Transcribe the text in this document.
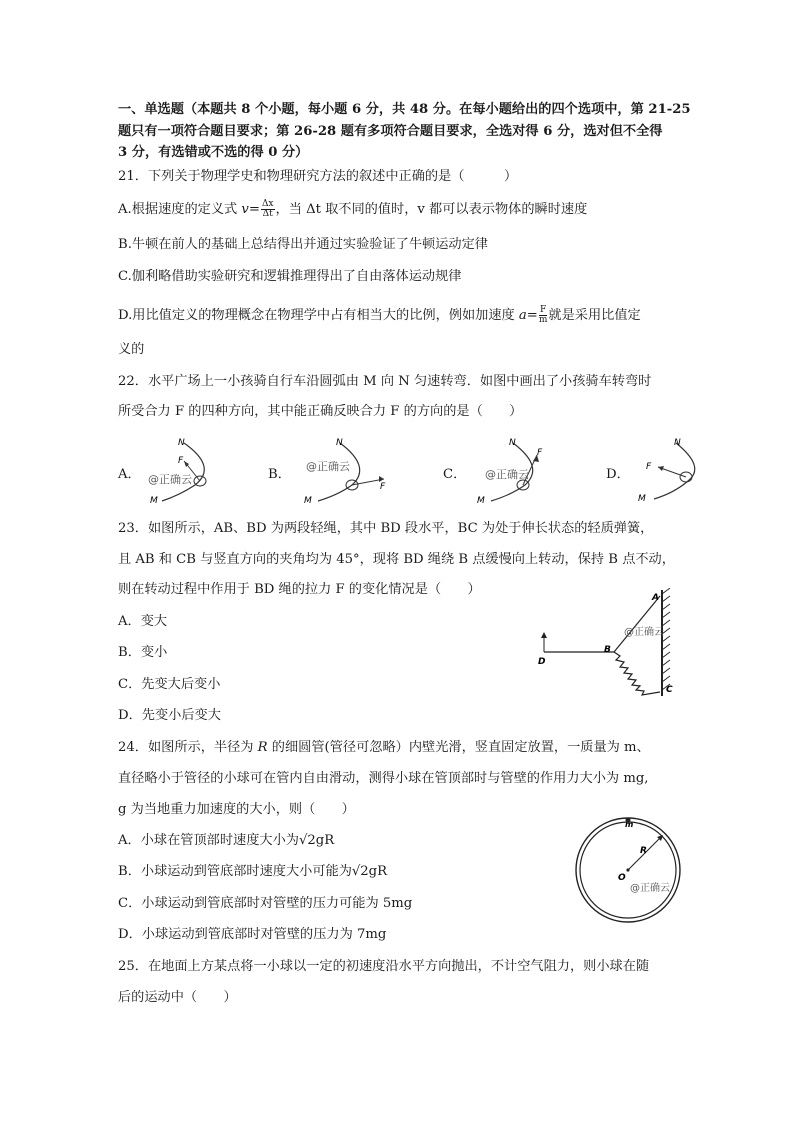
一、单选题（本题共 8 个小题，每小题 6 分，共 48 分。在每小题给出的四个选项中，第 21-25
题只有一项符合题目要求；第 26-28 题有多项符合题目要求，全选对得 6 分，选对但不全得
3 分，有选错或不选的得 0 分）
21．下列关于物理学史和物理研究方法的叙述中正确的是（　　　）
A.根据速度的定义式 $v= \frac{\Delta x}{\Delta t}$ ，当 Δt 取不同的值时，v 都可以表示物体的瞬时速度
B.牛顿在前人的基础上总结得出并通过实验验证了牛顿运动定律
C.伽利略借助实验研究和逻辑推理得出了自由落体运动规律
D.用比值定义的物理概念在物理学中占有相当大的比例，例如加速度 $a= \frac{F}{m}$ 就是采用比值定
义的
22．水平广场上一小孩骑自行车沿圆弧由 M 向 N 匀速转弯．如图中画出了小孩骑车转弯时
所受合力 F 的四种方向，其中能正确反映合力 F 的方向的是（　　）
A．	B．	C．	D．
N
M
F
@正确云
N
M
F
@正确云
N
M
F
@正确云
N
M
F
23．如图所示，AB、BD 为两段轻绳，其中 BD 段水平，BC 为处于伸长状态的轻质弹簧，
且 AB 和 CB 与竖直方向的夹角均为 45°，现将 BD 绳绕 B 点缓慢向上转动，保持 B 点不动，
则在转动过程中作用于 BD 绳的拉力 F 的变化情况是（　　）
A．变大
B．变小
C．先变大后变小
D．先变小后变大
A
B
C
D
@正确云
24．如图所示，半径为 R 的细圆管(管径可忽略）内壁光滑，竖直固定放置，一质量为 m、
直径略小于管径的小球可在管内自由滑动，测得小球在管顶部时与管壁的作用力大小为 mg,
g 为当地重力加速度的大小，则（　　）
A．小球在管顶部时速度大小为√2gR
B．小球运动到管底部时速度大小可能为√2gR
C．小球运动到管底部时对管壁的压力可能为 5mg
D．小球运动到管底部时对管壁的压力为 7mg
m
R
O
@正确云
25．在地面上方某点将一小球以一定的初速度沿水平方向抛出，不计空气阻力，则小球在随
后的运动中（　　）
